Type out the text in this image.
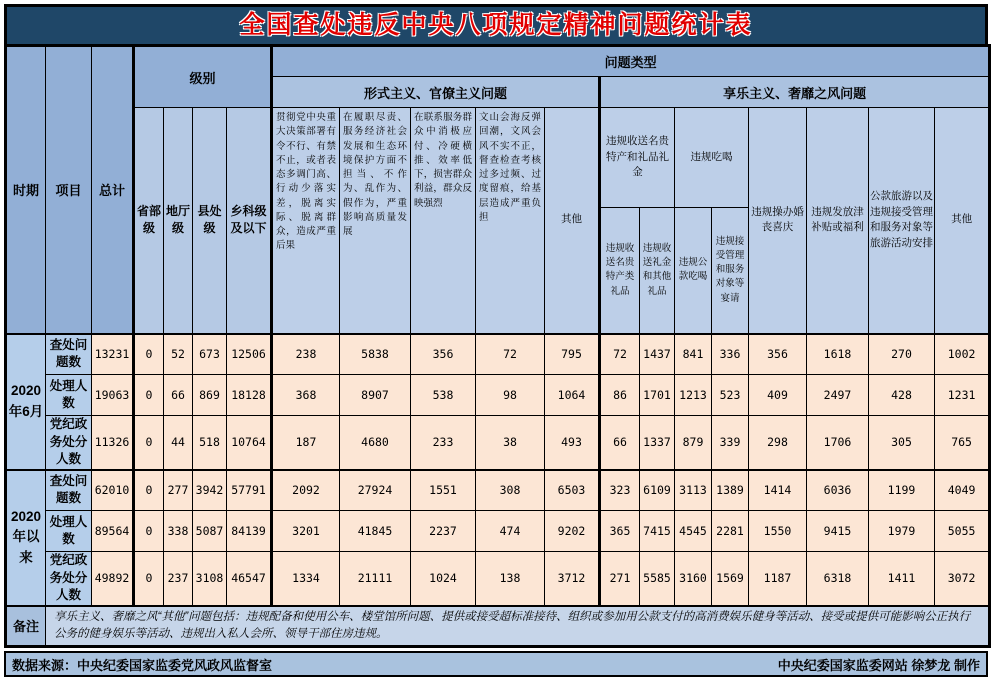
全国查处违反中央八项规定精神问题统计表
时期	项目	总计	级别				问题类型												
							形式主义、官僚主义问题					享乐主义、奢靡之风问题							
			省部级	地厅级	县处级	乡科级及以下	贯彻党中央重大决策部署有令不行、有禁不止，或者表态多调门高、行动少落实差，脱离实际、脱离群众，造成严重后果	在履职尽责、服务经济社会发展和生态环境保护方面不担当、不作为、乱作为、假作为，严重影响高质量发展	在联系服务群众中消极应付、冷硬横推、效率低下，损害群众利益，群众反映强烈	文山会海反弹回潮，文风会风不实不正，督查检查考核过多过频、过度留痕，给基层造成严重负担	其他	违规收送名贵特产和礼品礼金		违规吃喝		违规操办婚丧喜庆	违规发放津补贴或福利	公款旅游以及违规接受管理和服务对象等旅游活动安排	其他
												违规收送名贵特产类礼品	违规收送礼金和其他礼品	违规公款吃喝	违规接受管理和服务对象等宴请				
2020年6月	查处问题数	13231	0	52	673	12506	238	5838	356	72	795	72	1437	841	336	356	1618	270	1002
	处理人数	19063	0	66	869	18128	368	8907	538	98	1064	86	1701	1213	523	409	2497	428	1231
	党纪政务处分人数	11326	0	44	518	10764	187	4680	233	38	493	66	1337	879	339	298	1706	305	765
2020年以来	查处问题数	62010	0	277	3942	57791	2092	27924	1551	308	6503	323	6109	3113	1389	1414	6036	1199	4049
	处理人数	89564	0	338	5087	84139	3201	41845	2237	474	9202	365	7415	4545	2281	1550	9415	1979	5055
	党纪政务处分人数	49892	0	237	3108	46547	1334	21111	1024	138	3712	271	5585	3160	1569	1187	6318	1411	3072
备注	享乐主义、奢靡之风“其他”问题包括：违规配备和使用公车、楼堂馆所问题、提供或接受超标准接待、组织或参加用公款支付的高消费娱乐健身等活动、接受或提供可能影响公正执行公务的健身娱乐等活动、违规出入私人会所、领导干部住房违规。																		
数据来源：中央纪委国家监委党风政风监督室	中央纪委国家监委网站 徐梦龙 制作
